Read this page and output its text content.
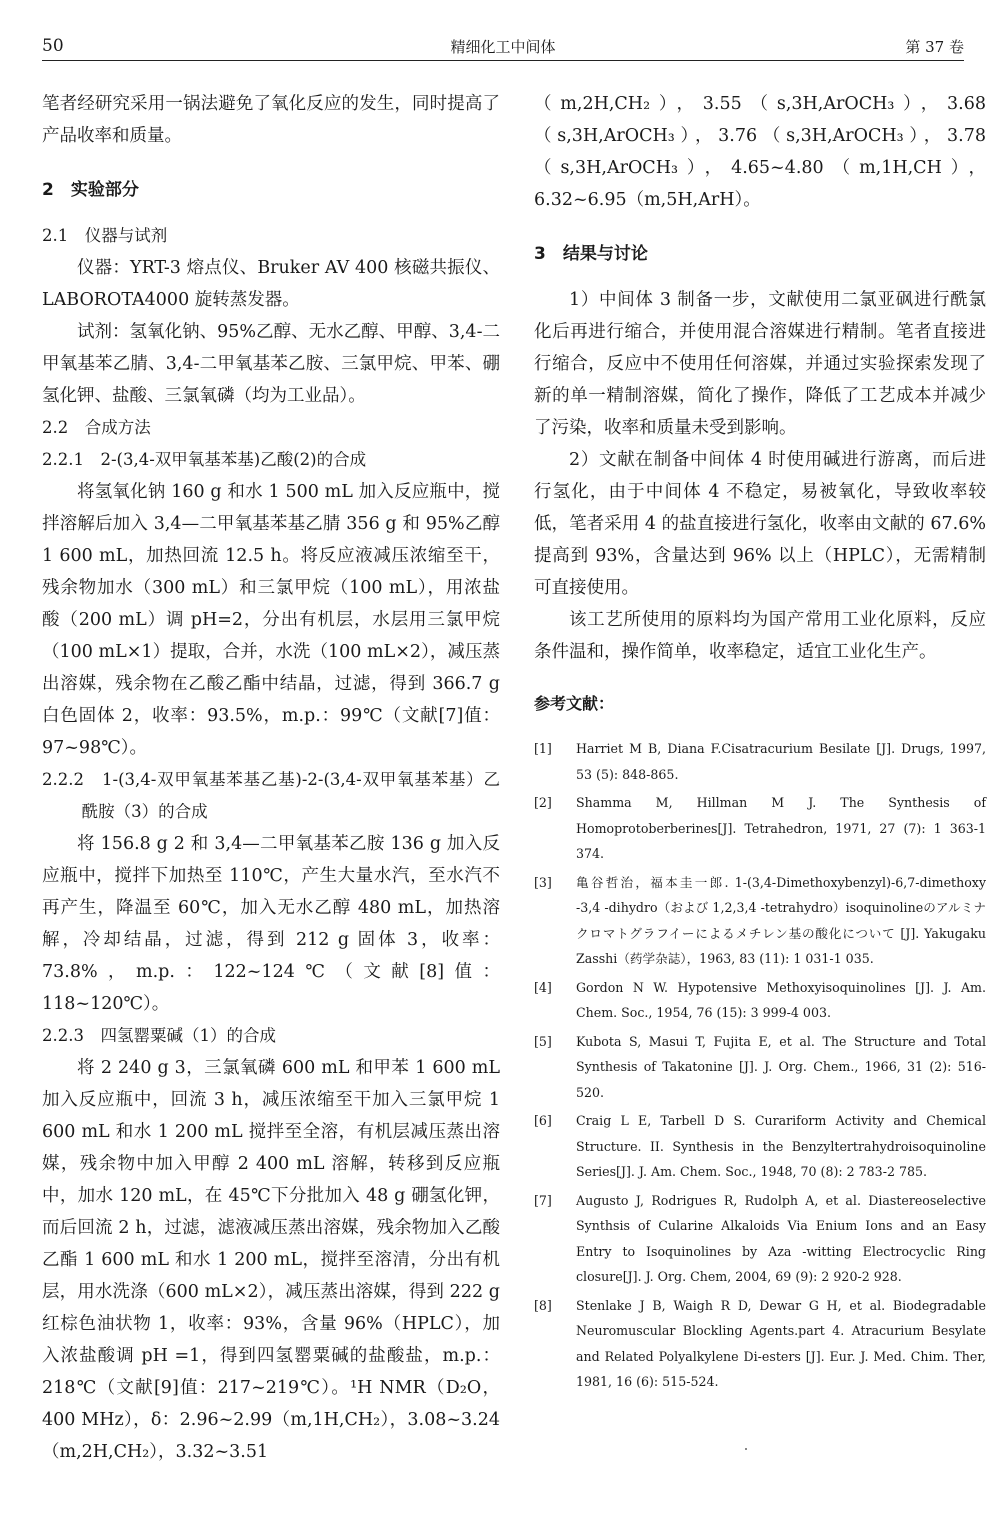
50	精细化工中间体	第 37 卷

笔者经研究采用一锅法避免了氧化反应的发生，同时提高了产品收率和质量。

2　实验部分

2.1　仪器与试剂

仪器：YRT-3 熔点仪、Bruker AV 400 核磁共振仪、LABOROTA4000 旋转蒸发器。

试剂：氢氧化钠、95%乙醇、无水乙醇、甲醇、3,4-二甲氧基苯乙腈、3,4-二甲氧基苯乙胺、三氯甲烷、甲苯、硼氢化钾、盐酸、三氯氧磷（均为工业品）。

2.2　合成方法

2.2.1　2-(3,4-双甲氧基苯基)乙酸(2)的合成

将氢氧化钠 160 g 和水 1 500 mL 加入反应瓶中，搅拌溶解后加入 3,4—二甲氧基苯基乙腈 356 g 和 95%乙醇 1 600 mL，加热回流 12.5 h。将反应液减压浓缩至干，残余物加水（300 mL）和三氯甲烷（100 mL），用浓盐酸（200 mL）调 pH=2，分出有机层，水层用三氯甲烷（100 mL×1）提取，合并，水洗（100 mL×2），减压蒸出溶媒，残余物在乙酸乙酯中结晶，过滤，得到 366.7 g 白色固体 2，收率：93.5%，m.p.：99℃（文献[7]值：97~98℃）。

2.2.2　1-(3,4-双甲氧基苯基乙基)-2-(3,4-双甲氧基苯基）乙酰胺（3）的合成

将 156.8 g 2 和 3,4—二甲氧基苯乙胺 136 g 加入反应瓶中，搅拌下加热至 110℃，产生大量水汽，至水汽不再产生，降温至 60℃，加入无水乙醇 480 mL，加热溶解，冷却结晶，过滤，得到 212 g 固体 3，收率：73.8%，m.p.：122~124℃（文献[8]值：118~120℃）。

2.2.3　四氢罂粟碱（1）的合成

将 2 240 g 3，三氯氧磷 600 mL 和甲苯 1 600 mL 加入反应瓶中，回流 3 h，减压浓缩至干加入三氯甲烷 1 600 mL 和水 1 200 mL 搅拌至全溶，有机层减压蒸出溶媒，残余物中加入甲醇 2 400 mL 溶解，转移到反应瓶中，加水 120 mL，在 45℃下分批加入 48 g 硼氢化钾，而后回流 2 h，过滤，滤液减压蒸出溶媒，残余物加入乙酸乙酯 1 600 mL 和水 1 200 mL，搅拌至溶清，分出有机层，用水洗涤（600 mL×2），减压蒸出溶媒，得到 222 g 红棕色油状物 1，收率：93%，含量 96%（HPLC），加入浓盐酸调 pH =1，得到四氢罂粟碱的盐酸盐，m.p.：218℃（文献[9]值：217~219℃）。¹H NMR（D₂O，400 MHz），δ：2.96~2.99（m,1H,CH₂），3.08~3.24（m,2H,CH₂），3.32~3.51

（m,2H,CH₂），3.55（s,3H,ArOCH₃），3.68（s,3H,ArOCH₃），3.76（s,3H,ArOCH₃），3.78（s,3H,ArOCH₃），4.65~4.80（m,1H,CH），6.32~6.95（m,5H,ArH）。

3　结果与讨论

1）中间体 3 制备一步，文献使用二氯亚砜进行酰氯化后再进行缩合，并使用混合溶媒进行精制。笔者直接进行缩合，反应中不使用任何溶媒，并通过实验探索发现了新的单一精制溶媒，简化了操作，降低了工艺成本并减少了污染，收率和质量未受到影响。

2）文献在制备中间体 4 时使用碱进行游离，而后进行氢化，由于中间体 4 不稳定，易被氧化，导致收率较低，笔者采用 4 的盐直接进行氢化，收率由文献的 67.6% 提高到 93%，含量达到 96% 以上（HPLC），无需精制可直接使用。

该工艺所使用的原料均为国产常用工业化原料，反应条件温和，操作简单，收率稳定，适宜工业化生产。

参考文献：

[1] Harriet M B, Diana F.Cisatracurium Besilate [J]. Drugs, 1997, 53 (5): 848-865.
[2] Shamma M, Hillman M J. The Synthesis of Homoprotoberberines[J]. Tetrahedron, 1971, 27 (7): 1 363-1 374.
[3] 亀谷哲治，福本圭一郎. 1-(3,4-Dimethoxybenzyl)-6,7-dimethoxy -3,4 -dihydro（および 1,2,3,4 -tetrahydro）isoquinolineのアルミナクロマトグラフイーによるメチレン基の酸化について [J]. Yakugaku Zasshi（药学杂誌），1963, 83 (11): 1 031-1 035.
[4] Gordon N W. Hypotensive Methoxyisoquinolines [J]. J. Am. Chem. Soc., 1954, 76 (15): 3 999-4 003.
[5] Kubota S, Masui T, Fujita E, et al. The Structure and Total Synthesis of Takatonine [J]. J. Org. Chem., 1966, 31 (2): 516-520.
[6] Craig L E, Tarbell D S. Curariform Activity and Chemical Structure. II. Synthesis in the Benzyltertrahydroisoquinoline Series[J]. J. Am. Chem. Soc., 1948, 70 (8): 2 783-2 785.
[7] Augusto J, Rodrigues R, Rudolph A, et al. Diastereoselective Synthsis of Cularine Alkaloids Via Enium Ions and an Easy Entry to Isoquinolines by Aza -witting Electrocyclic Ring closure[J]. J. Org. Chem, 2004, 69 (9): 2 920-2 928.
[8] Stenlake J B, Waigh R D, Dewar G H, et al. Biodegradable Neuromuscular Blockling Agents.part 4. Atracurium Besylate and Related Polyalkylene Di-esters [J]. Eur. J. Med. Chim. Ther, 1981, 16 (6): 515-524.
